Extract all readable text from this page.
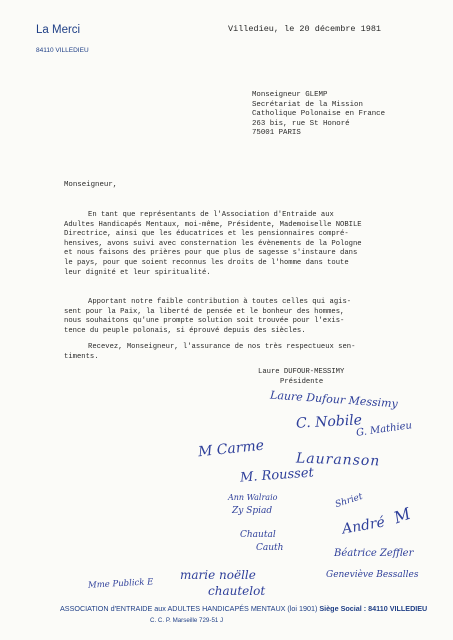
La Merci
84110 VILLEDIEU
Villedieu, le 20 décembre 1981
Monseigneur GLEMP
Secrétariat de la Mission
Catholique Polonaise en France
263 bis, rue St Honoré
75001 PARIS
Monseigneur,
En tant que représentants de l'Association d'Entraide aux
Adultes Handicapés Mentaux, moi-même, Présidente, Mademoiselle NOBILE
Directrice, ainsi que les éducatrices et les pensionnaires compré-
hensives, avons suivi avec consternation les évènements de la Pologne
et nous faisons des prières pour que plus de sagesse s'instaure dans
le pays, pour que soient reconnus les droits de l'homme dans toute
leur dignité et leur spiritualité.
Apportant notre faible contribution à toutes celles qui agis-
sent pour la Paix, la liberté de pensée et le bonheur des hommes,
nous souhaitons qu'une prompte solution soit trouvée pour l'exis-
tence du peuple polonais, si éprouvé depuis des siècles.
Recevez, Monseigneur, l'assurance de nos très respectueux sen-
timents.
Laure DUFOUR-MESSIMY
Présidente
Laure Dufour Messimy
C. Nobile
G. Mathieu
M Carme Lauranson
M. Rousset
Ann Walraio
Zy Spiad
Shriet
Chautal
Cauth
André M
Béatrice Zeffler
Geneviève Bessalles
Mme Publick E
marie noëlle
chautelot
ASSOCIATION d'ENTRAIDE aux ADULTES HANDICAPÉS MENTAUX (loi 1901) Siège Social : 84110 VILLEDIEU
C. C. P. Marseille 729-51 J
